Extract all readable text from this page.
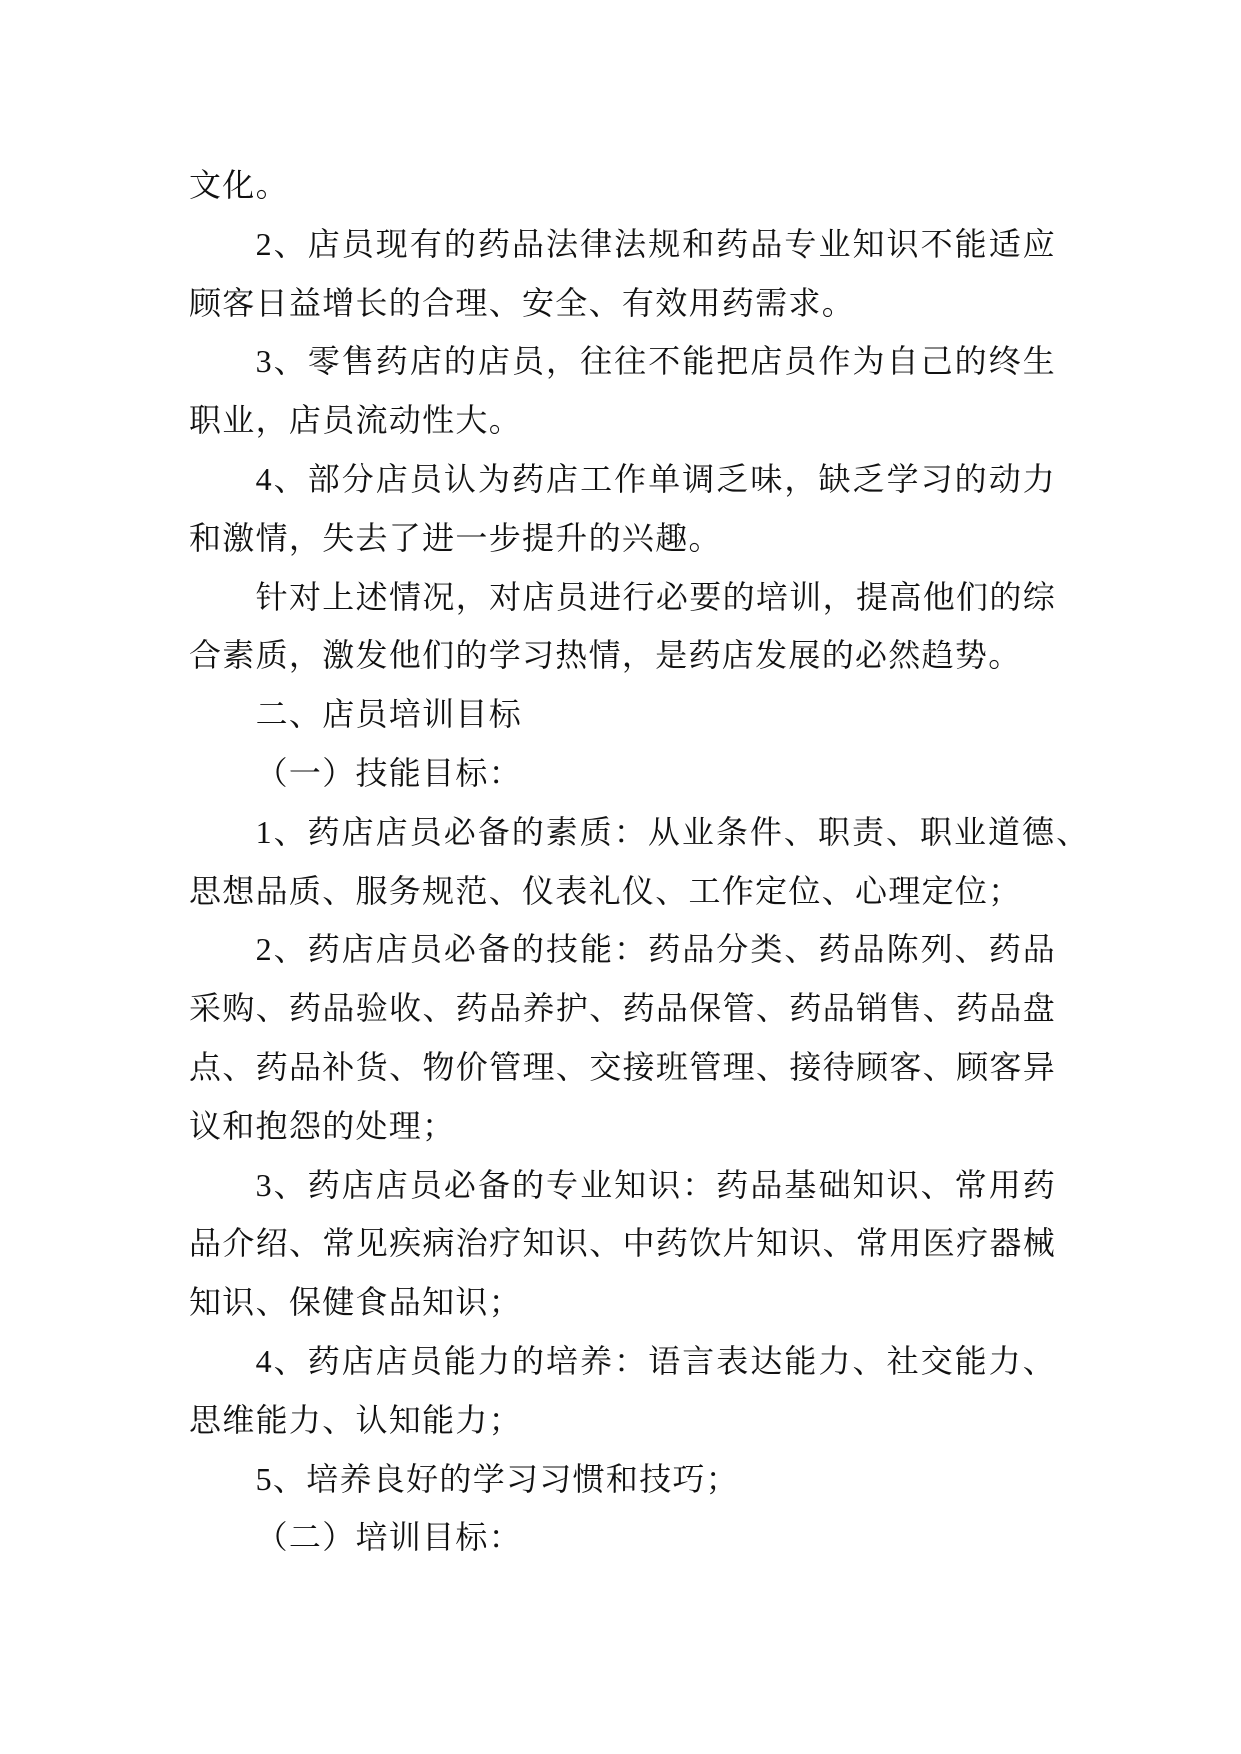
文化。
2、店员现有的药品法律法规和药品专业知识不能适应
顾客日益增长的合理、安全、有效用药需求。
3、零售药店的店员，往往不能把店员作为自己的终生
职业，店员流动性大。
4、部分店员认为药店工作单调乏味，缺乏学习的动力
和激情，失去了进一步提升的兴趣。
针对上述情况，对店员进行必要的培训，提高他们的综
合素质，激发他们的学习热情，是药店发展的必然趋势。
二、店员培训目标
（一）技能目标：
1、药店店员必备的素质：从业条件、职责、职业道德、
思想品质、服务规范、仪表礼仪、工作定位、心理定位；
2、药店店员必备的技能：药品分类、药品陈列、药品
采购、药品验收、药品养护、药品保管、药品销售、药品盘
点、药品补货、物价管理、交接班管理、接待顾客、顾客异
议和抱怨的处理；
3、药店店员必备的专业知识：药品基础知识、常用药
品介绍、常见疾病治疗知识、中药饮片知识、常用医疗器械
知识、保健食品知识；
4、药店店员能力的培养：语言表达能力、社交能力、
思维能力、认知能力；
5、培养良好的学习习惯和技巧；
（二）培训目标：
